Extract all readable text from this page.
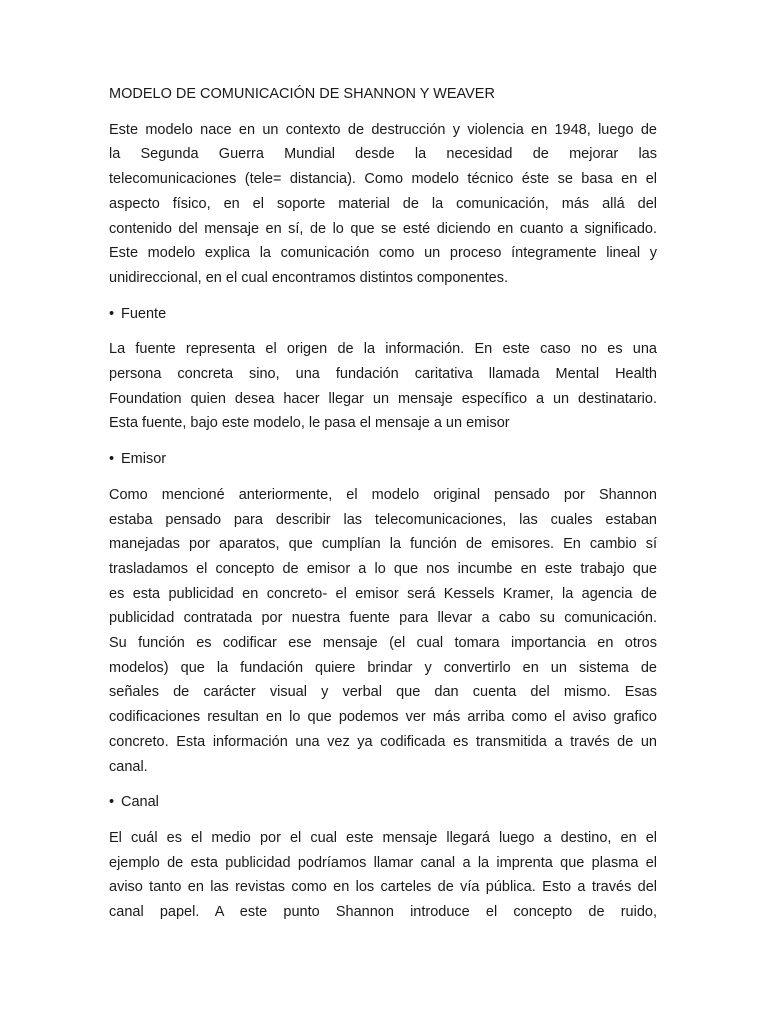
MODELO DE COMUNICACIÓN DE SHANNON Y WEAVER
Este modelo nace en un contexto de destrucción y violencia en 1948, luego de
la Segunda Guerra Mundial desde la necesidad de mejorar las
telecomunicaciones (tele= distancia). Como modelo técnico éste se basa en el
aspecto físico, en el soporte material de la comunicación, más allá del
contenido del mensaje en sí, de lo que se esté diciendo en cuanto a significado.
Este modelo explica la comunicación como un proceso íntegramente lineal y
unidireccional, en el cual encontramos distintos componentes.
• Fuente
La fuente representa el origen de la información. En este caso no es una
persona concreta sino, una fundación caritativa llamada Mental Health
Foundation quien desea hacer llegar un mensaje específico a un destinatario.
Esta fuente, bajo este modelo, le pasa el mensaje a un emisor
• Emisor
Como mencioné anteriormente, el modelo original pensado por Shannon
estaba pensado para describir las telecomunicaciones, las cuales estaban
manejadas por aparatos, que cumplían la función de emisores. En cambio sí
trasladamos el concepto de emisor a lo que nos incumbe en este trabajo que
es esta publicidad en concreto- el emisor será Kessels Kramer, la agencia de
publicidad contratada por nuestra fuente para llevar a cabo su comunicación.
Su función es codificar ese mensaje (el cual tomara importancia en otros
modelos) que la fundación quiere brindar y convertirlo en un sistema de
señales de carácter visual y verbal que dan cuenta del mismo. Esas
codificaciones resultan en lo que podemos ver más arriba como el aviso grafico
concreto. Esta información una vez ya codificada es transmitida a través de un
canal.
• Canal
El cuál es el medio por el cual este mensaje llegará luego a destino, en el
ejemplo de esta publicidad podríamos llamar canal a la imprenta que plasma el
aviso tanto en las revistas como en los carteles de vía pública. Esto a través del
canal papel. A este punto Shannon introduce el concepto de ruido,
